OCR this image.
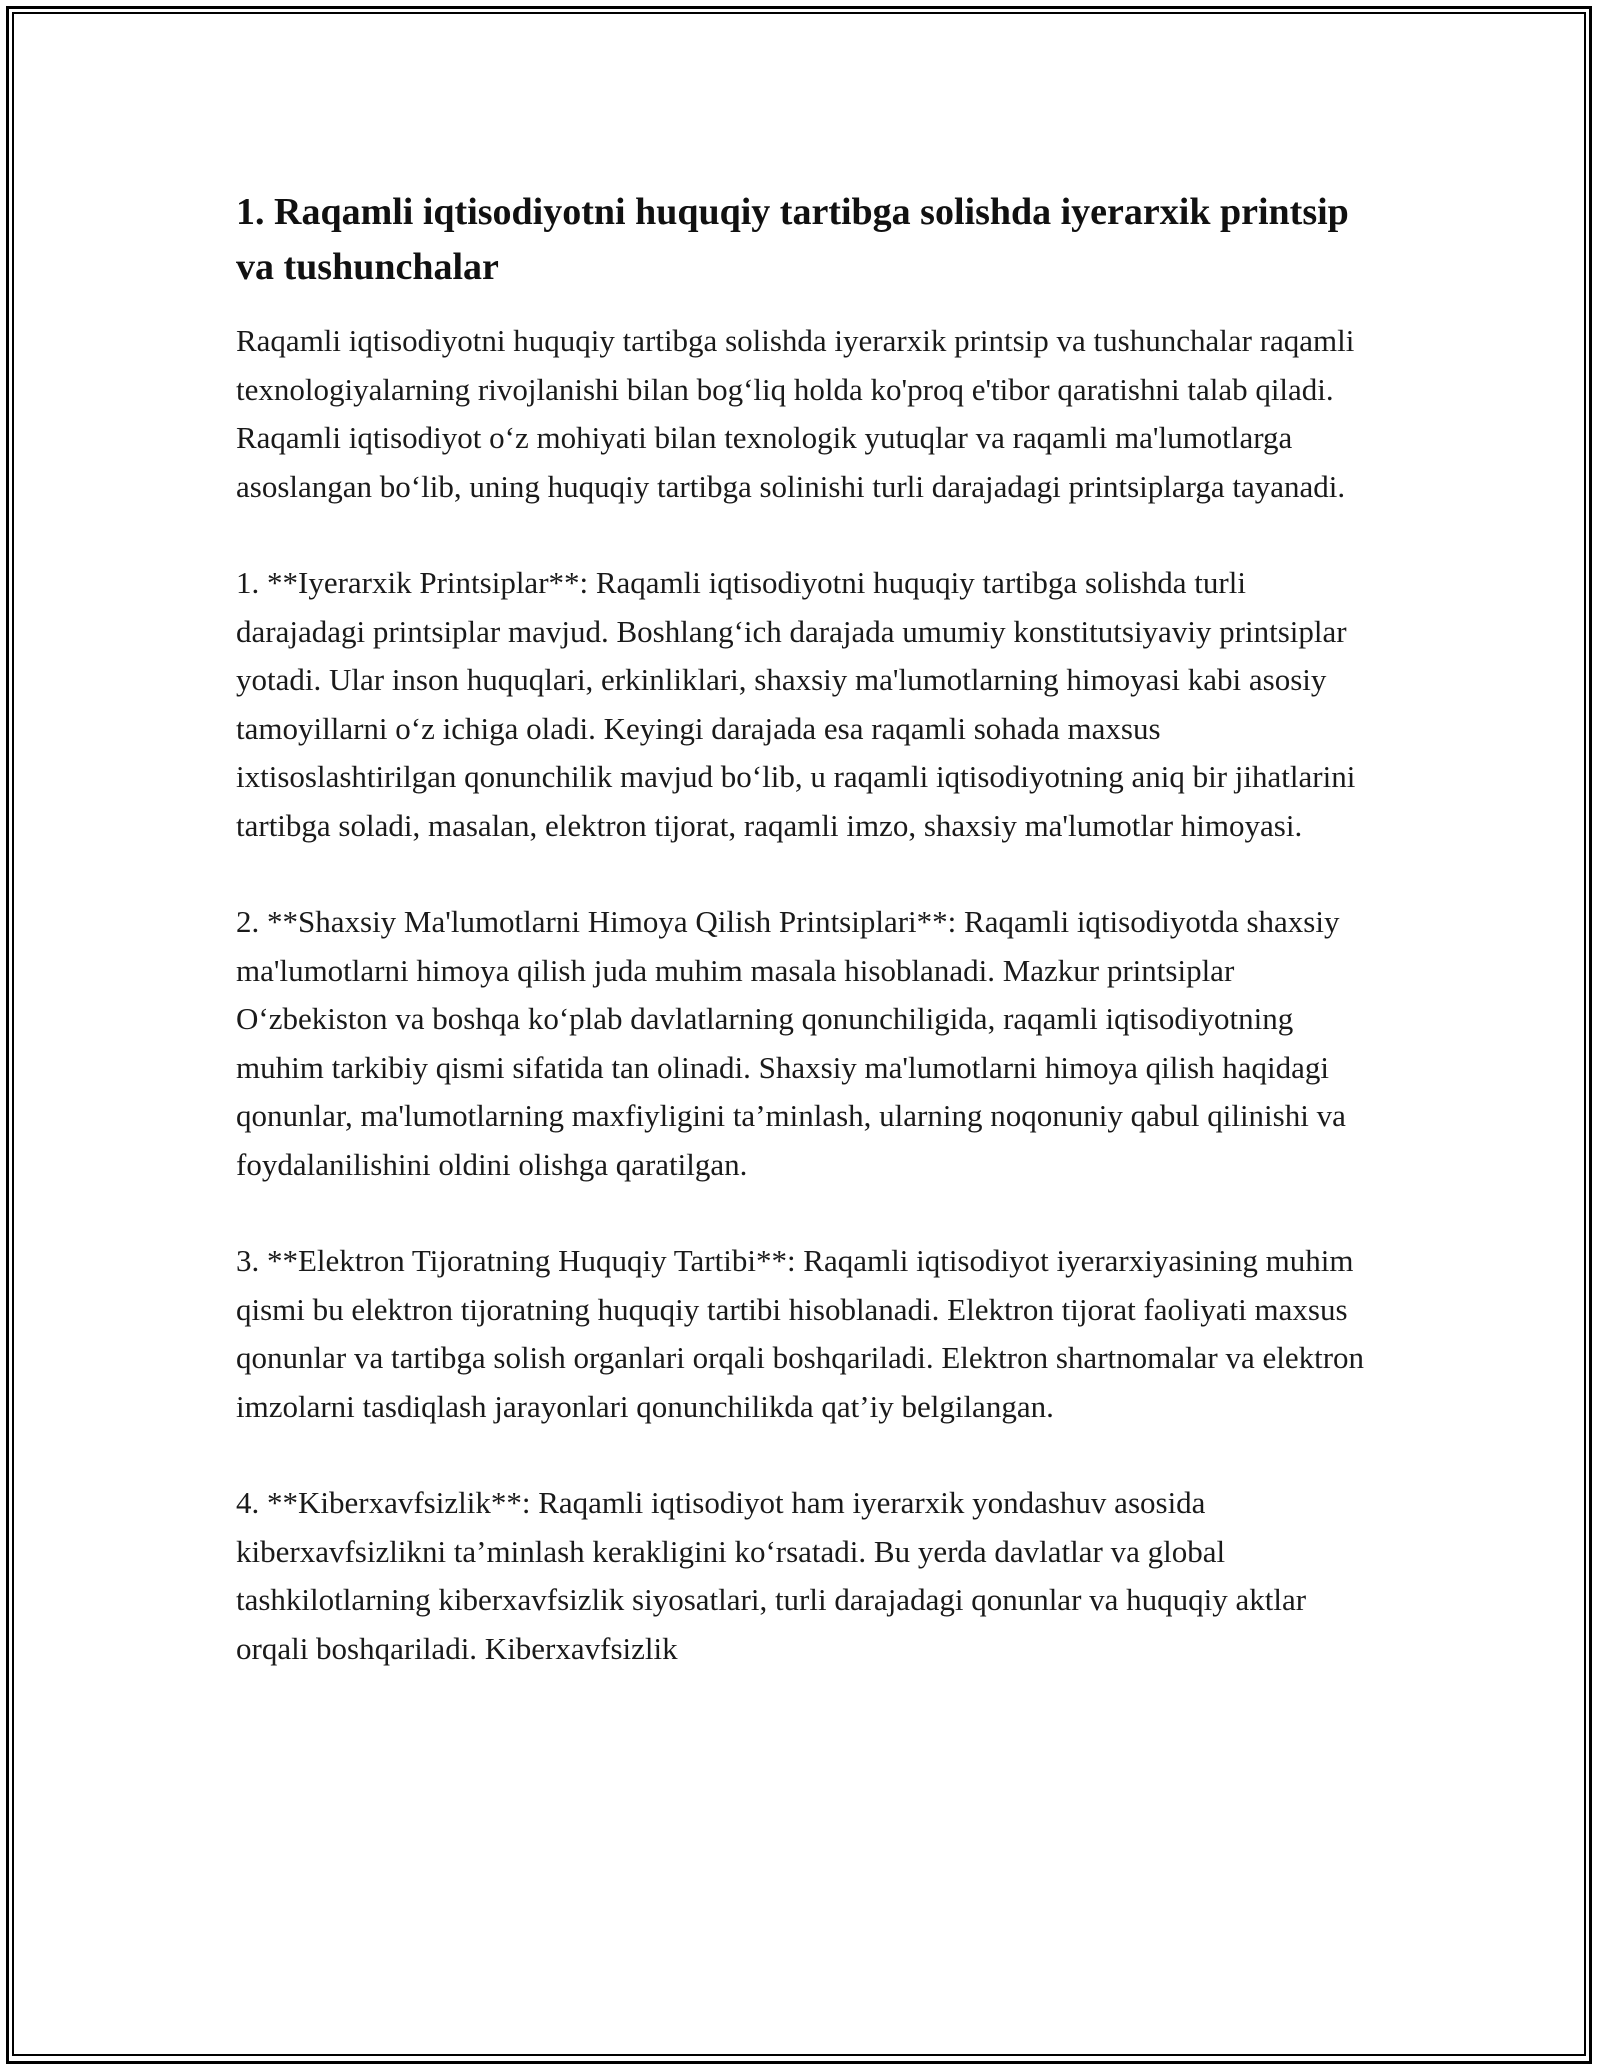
1. Raqamli iqtisodiyotni huquqiy tartibga solishda iyerarxik printsip va tushunchalar

Raqamli iqtisodiyotni huquqiy tartibga solishda iyerarxik printsip va tushunchalar raqamli texnologiyalarning rivojlanishi bilan bog‘liq holda ko'proq e'tibor qaratishni talab qiladi. Raqamli iqtisodiyot o‘z mohiyati bilan texnologik yutuqlar va raqamli ma'lumotlarga asoslangan bo‘lib, uning huquqiy tartibga solinishi turli darajadagi printsiplarga tayanadi.

1. **Iyerarxik Printsiplar**: Raqamli iqtisodiyotni huquqiy tartibga solishda turli darajadagi printsiplar mavjud. Boshlang‘ich darajada umumiy konstitutsiyaviy printsiplar yotadi. Ular inson huquqlari, erkinliklari, shaxsiy ma'lumotlarning himoyasi kabi asosiy tamoyillarni o‘z ichiga oladi. Keyingi darajada esa raqamli sohada maxsus ixtisoslashtirilgan qonunchilik mavjud bo‘lib, u raqamli iqtisodiyotning aniq bir jihatlarini tartibga soladi, masalan, elektron tijorat, raqamli imzo, shaxsiy ma'lumotlar himoyasi.

2. **Shaxsiy Ma'lumotlarni Himoya Qilish Printsiplari**: Raqamli iqtisodiyotda shaxsiy ma'lumotlarni himoya qilish juda muhim masala hisoblanadi. Mazkur printsiplar O‘zbekiston va boshqa ko‘plab davlatlarning qonunchiligida, raqamli iqtisodiyotning muhim tarkibiy qismi sifatida tan olinadi. Shaxsiy ma'lumotlarni himoya qilish haqidagi qonunlar, ma'lumotlarning maxfiyligini ta’minlash, ularning noqonuniy qabul qilinishi va foydalanilishini oldini olishga qaratilgan.

3. **Elektron Tijoratning Huquqiy Tartibi**: Raqamli iqtisodiyot iyerarxiyasining muhim qismi bu elektron tijoratning huquqiy tartibi hisoblanadi. Elektron tijorat faoliyati maxsus qonunlar va tartibga solish organlari orqali boshqariladi. Elektron shartnomalar va elektron imzolarni tasdiqlash jarayonlari qonunchilikda qat’iy belgilangan.

4. **Kiberxavfsizlik**: Raqamli iqtisodiyot ham iyerarxik yondashuv asosida kiberxavfsizlikni ta’minlash kerakligini ko‘rsatadi. Bu yerda davlatlar va global tashkilotlarning kiberxavfsizlik siyosatlari, turli darajadagi qonunlar va huquqiy aktlar orqali boshqariladi. Kiberxavfsizlik
